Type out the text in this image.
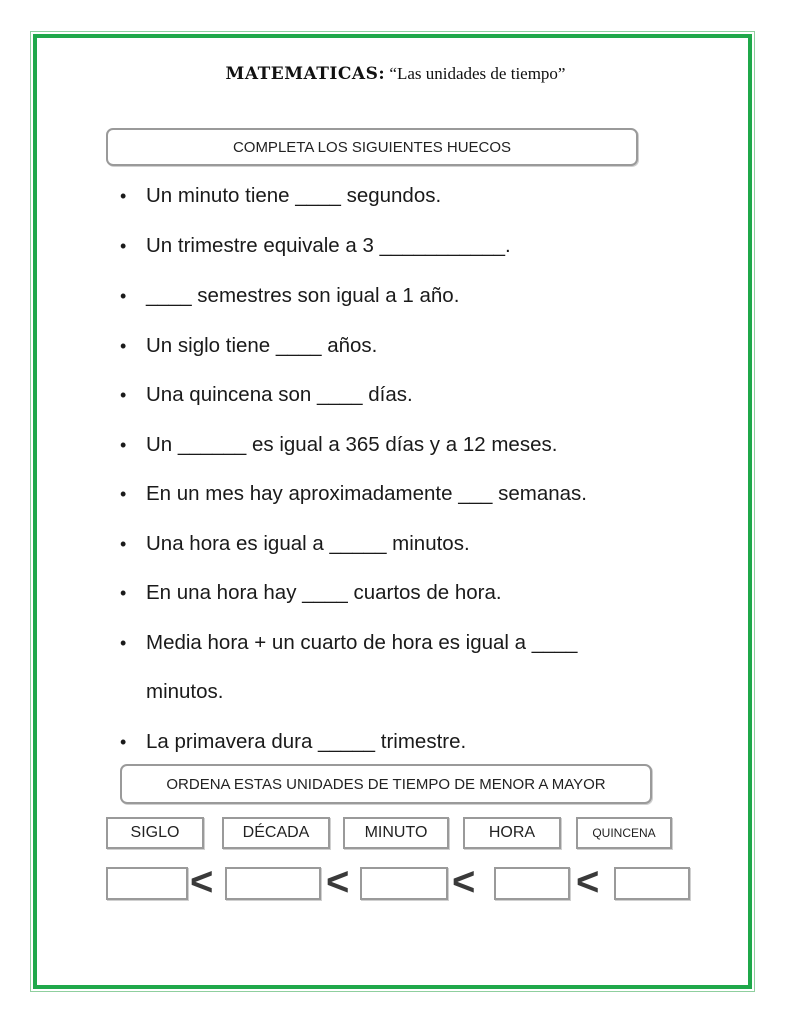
MATEMATICAS: “Las unidades de tiempo”
COMPLETA LOS SIGUIENTES HUECOS
• Un minuto tiene ____ segundos.
• Un trimestre equivale a 3 ___________.
• ____ semestres son igual a 1 año.
• Un siglo tiene ____ años.
• Una quincena son ____ días.
• Un ______ es igual a 365 días y a 12 meses.
• En un mes hay aproximadamente ___ semanas.
• Una hora es igual a _____ minutos.
• En una hora hay ____ cuartos de hora.
• Media hora + un cuarto de hora es igual a ____
minutos.
• La primavera dura _____ trimestre.
ORDENA ESTAS UNIDADES DE TIEMPO DE MENOR A MAYOR
SIGLO	DÉCADA	MINUTO	HORA	QUINCENA
<	<	<	<
